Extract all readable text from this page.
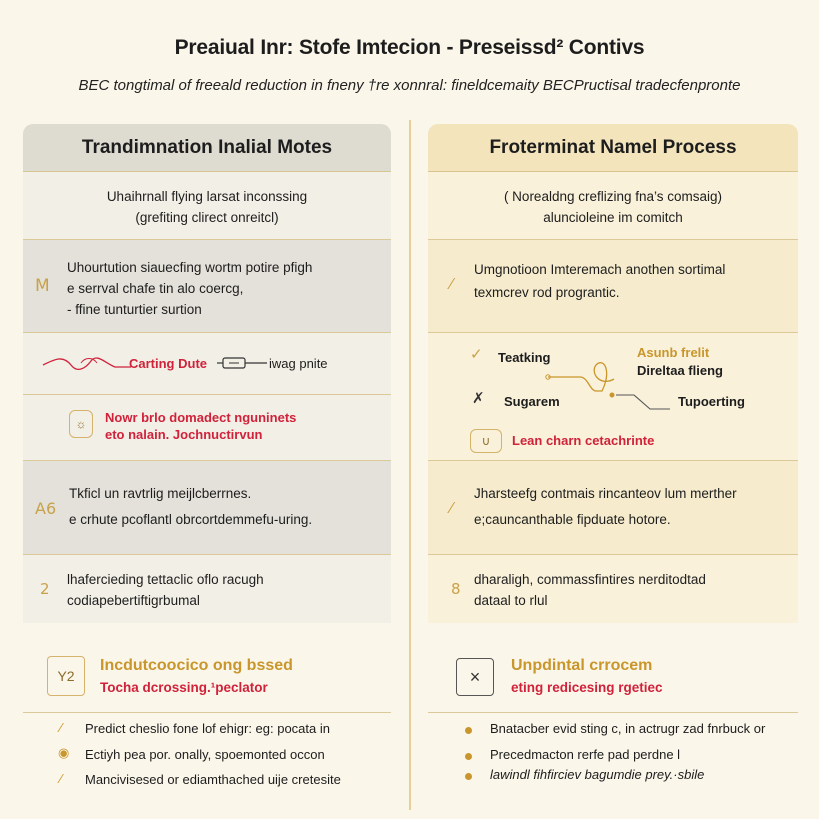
Preaiual Inr: Stofe Imtecion - Preseissd² Contivs
BEC tongtimal of freeald reduction in fneny †re xonnral: fineldcemaity BECPructisal tradecfenpronte
Trandimnation Inalial Motes
Uhaihrnall flying larsat inconssing
(grefiting clirect onreitcl)
M
Uhourtution siauecfing wortm potire pfigh
e serrval chafe tin alo coercg,
- ffine tunturtier surtion
Carting Dute	iwag pnite
☼	Nowr brlo domadect nguninets
eto nalain. Jochnuctirvun
A6
Tkficl un ravtrlig meijlcberrnes.
e crhute pcoflantl obrcortdemmefu-uring.
2
lhafercieding tettaclic oflo racugh
codiapebertiftigrbumal
Y2
Incdutcoocico ong bssed
Tocha dcrossing.¹peclator
⁄ Predict cheslio fone lof ehigr: eg: pocata in
◉ Ectiyh pea por. onally, spoemonted occon
⁄ Mancivisesed or ediamthached uije cretesite
Froterminat Namel Process
( Norealdng creflizing fna’s comsaig)
aluncioleine im comitch
⁄
Umgnotioon Imteremach anothen sortimal
texmcrev rod prograntic.
✓ Teatking	Asunb frelit
Direltaa flieng
✗ Sugarem	Tupoerting
∪	Lean charn cetachrinte
⁄
Jharsteefg contmais rincanteov lum merther
e;cauncanthable fipduate hotore.
8
dharaligh, commassfintires nerditodtad
dataal to rlul
×
Unpdintal crrocem
eting redicesing rgetiec
Bnatacber evid sting c, in actrugr zad fnrbuck or
Precedmacton rerfe pad perdne l
lawindl fihfirciev bagumdie prey.·sbile
